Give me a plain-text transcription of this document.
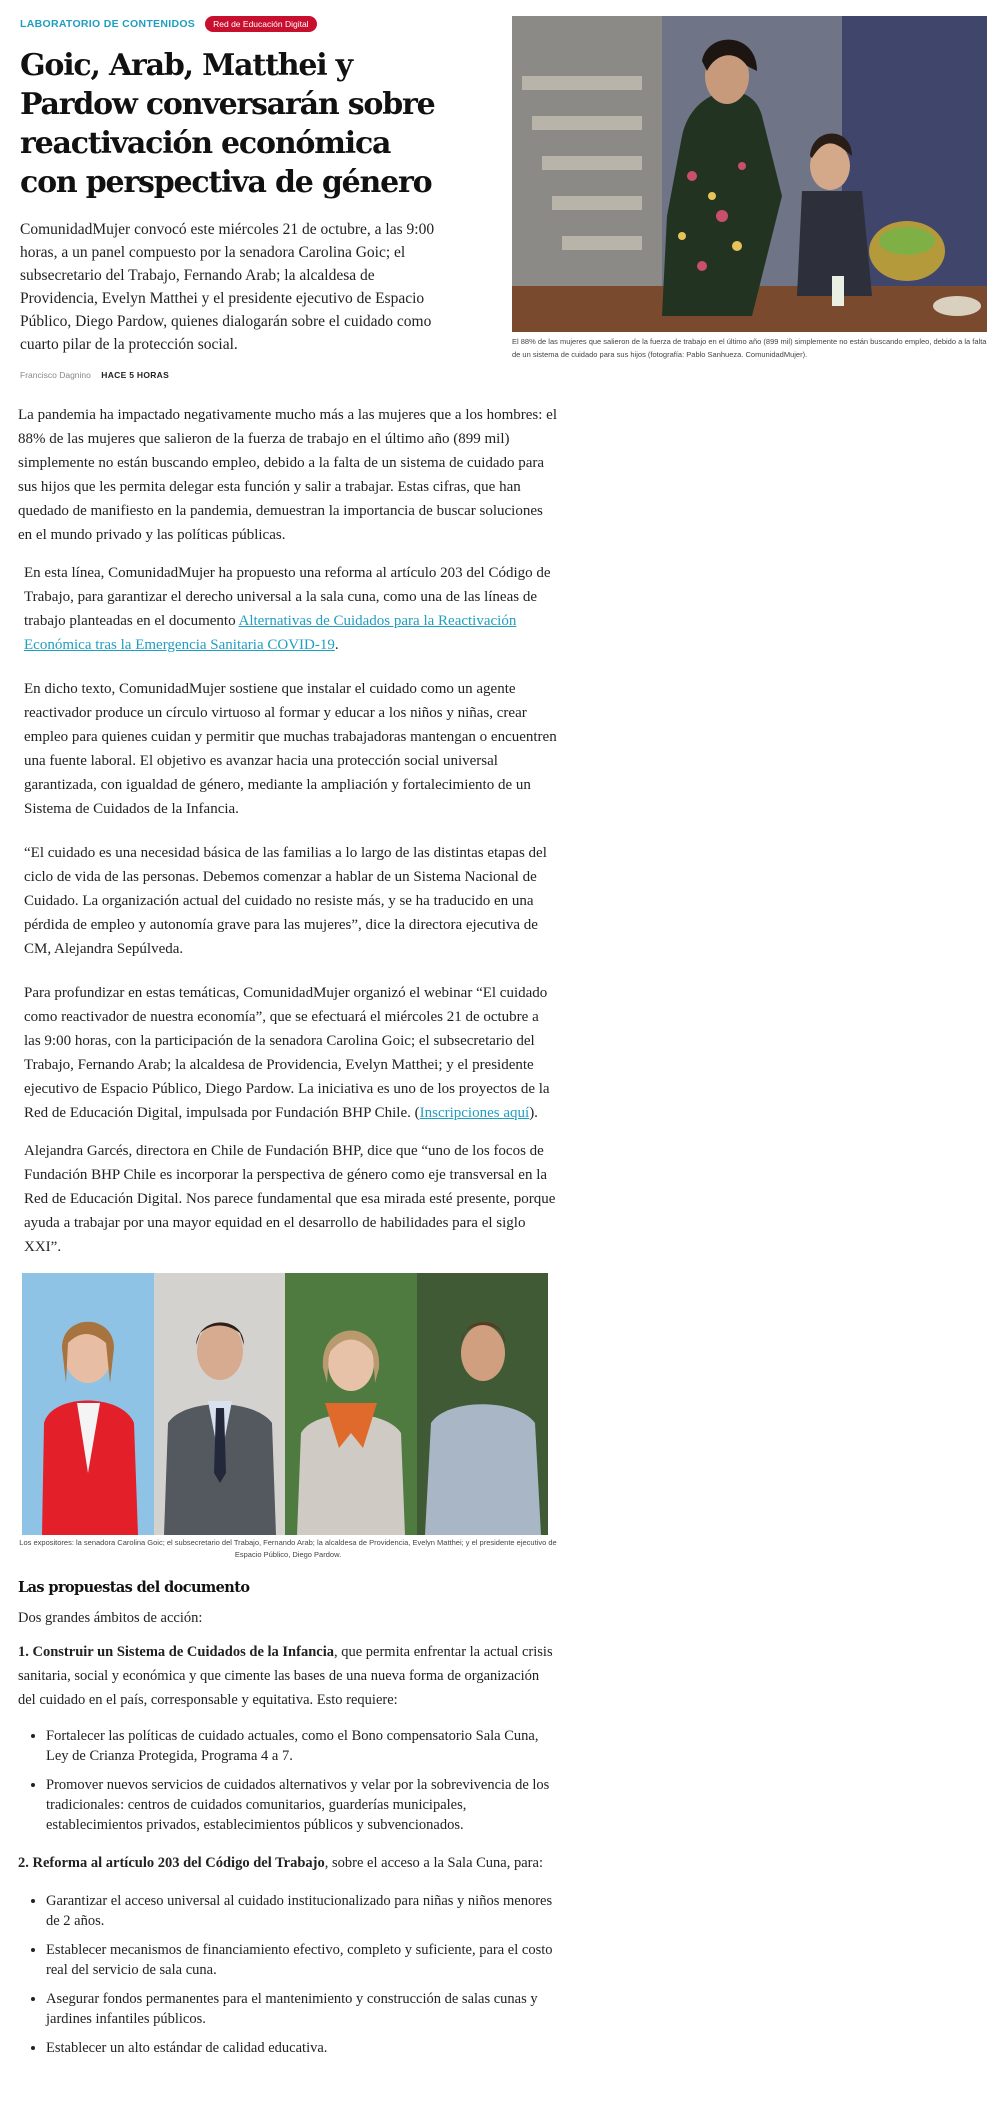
LABORATORIO DE CONTENIDOS	Red de Educación Digital
Goic, Arab, Matthei y Pardow conversarán sobre reactivación económica con perspectiva de género

ComunidadMujer convocó este miércoles 21 de octubre, a las 9:00 horas, a un panel compuesto por la senadora Carolina Goic; el subsecretario del Trabajo, Fernando Arab; la alcaldesa de Providencia, Evelyn Matthei y el presidente ejecutivo de Espacio Público, Diego Pardow, quienes dialogarán sobre el cuidado como cuarto pilar de la protección social.

Francisco Dagnino HACE 5 HORAS
El 88% de las mujeres que salieron de la fuerza de trabajo en el último año (899 mil) simplemente no están buscando empleo, debido a la falta de un sistema de cuidado para sus hijos (fotografía: Pablo Sanhueza. ComunidadMujer).

La pandemia ha impactado negativamente mucho más a las mujeres que a los hombres: el 88% de las mujeres que salieron de la fuerza de trabajo en el último año (899 mil) simplemente no están buscando empleo, debido a la falta de un sistema de cuidado para sus hijos que les permita delegar esta función y salir a trabajar. Estas cifras, que han quedado de manifiesto en la pandemia, demuestran la importancia de buscar soluciones en el mundo privado y las políticas públicas.

En esta línea, ComunidadMujer ha propuesto una reforma al artículo 203 del Código de Trabajo, para garantizar el derecho universal a la sala cuna, como una de las líneas de trabajo planteadas en el documento Alternativas de Cuidados para la Reactivación Económica tras la Emergencia Sanitaria COVID-19.

En dicho texto, ComunidadMujer sostiene que instalar el cuidado como un agente reactivador produce un círculo virtuoso al formar y educar a los niños y niñas, crear empleo para quienes cuidan y permitir que muchas trabajadoras mantengan o encuentren una fuente laboral. El objetivo es avanzar hacia una protección social universal garantizada, con igualdad de género, mediante la ampliación y fortalecimiento de un Sistema de Cuidados de la Infancia.

“El cuidado es una necesidad básica de las familias a lo largo de las distintas etapas del ciclo de vida de las personas. Debemos comenzar a hablar de un Sistema Nacional de Cuidado. La organización actual del cuidado no resiste más, y se ha traducido en una pérdida de empleo y autonomía grave para las mujeres”, dice la directora ejecutiva de CM, Alejandra Sepúlveda.

Para profundizar en estas temáticas, ComunidadMujer organizó el webinar “El cuidado como reactivador de nuestra economía”, que se efectuará el miércoles 21 de octubre a las 9:00 horas, con la participación de la senadora Carolina Goic; el subsecretario del Trabajo, Fernando Arab; la alcaldesa de Providencia, Evelyn Matthei; y el presidente ejecutivo de Espacio Público, Diego Pardow. La iniciativa es uno de los proyectos de la Red de Educación Digital, impulsada por Fundación BHP Chile. (Inscripciones aquí).

Alejandra Garcés, directora en Chile de Fundación BHP, dice que “uno de los focos de Fundación BHP Chile es incorporar la perspectiva de género como eje transversal en la Red de Educación Digital. Nos parece fundamental que esa mirada esté presente, porque ayuda a trabajar por una mayor equidad en el desarrollo de habilidades para el siglo XXI”.

Los expositores: la senadora Carolina Goic; el subsecretario del Trabajo, Fernando Arab; la alcaldesa de Providencia, Evelyn Matthei; y el presidente ejecutivo de Espacio Público, Diego Pardow.
Las propuestas del documento

Dos grandes ámbitos de acción:

1. Construir un Sistema de Cuidados de la Infancia, que permita enfrentar la actual crisis sanitaria, social y económica y que cimente las bases de una nueva forma de organización del cuidado en el país, corresponsable y equitativa. Esto requiere:

• Fortalecer las políticas de cuidado actuales, como el Bono compensatorio Sala Cuna, Ley de Crianza Protegida, Programa 4 a 7.
• Promover nuevos servicios de cuidados alternativos y velar por la sobrevivencia de los tradicionales: centros de cuidados comunitarios, guarderías municipales, establecimientos privados, establecimientos públicos y subvencionados.

2. Reforma al artículo 203 del Código del Trabajo, sobre el acceso a la Sala Cuna, para:

• Garantizar el acceso universal al cuidado institucionalizado para niñas y niños menores de 2 años.
• Establecer mecanismos de financiamiento efectivo, completo y suficiente, para el costo real del servicio de sala cuna.
• Asegurar fondos permanentes para el mantenimiento y construcción de salas cunas y jardines infantiles públicos.
• Establecer un alto estándar de calidad educativa.
